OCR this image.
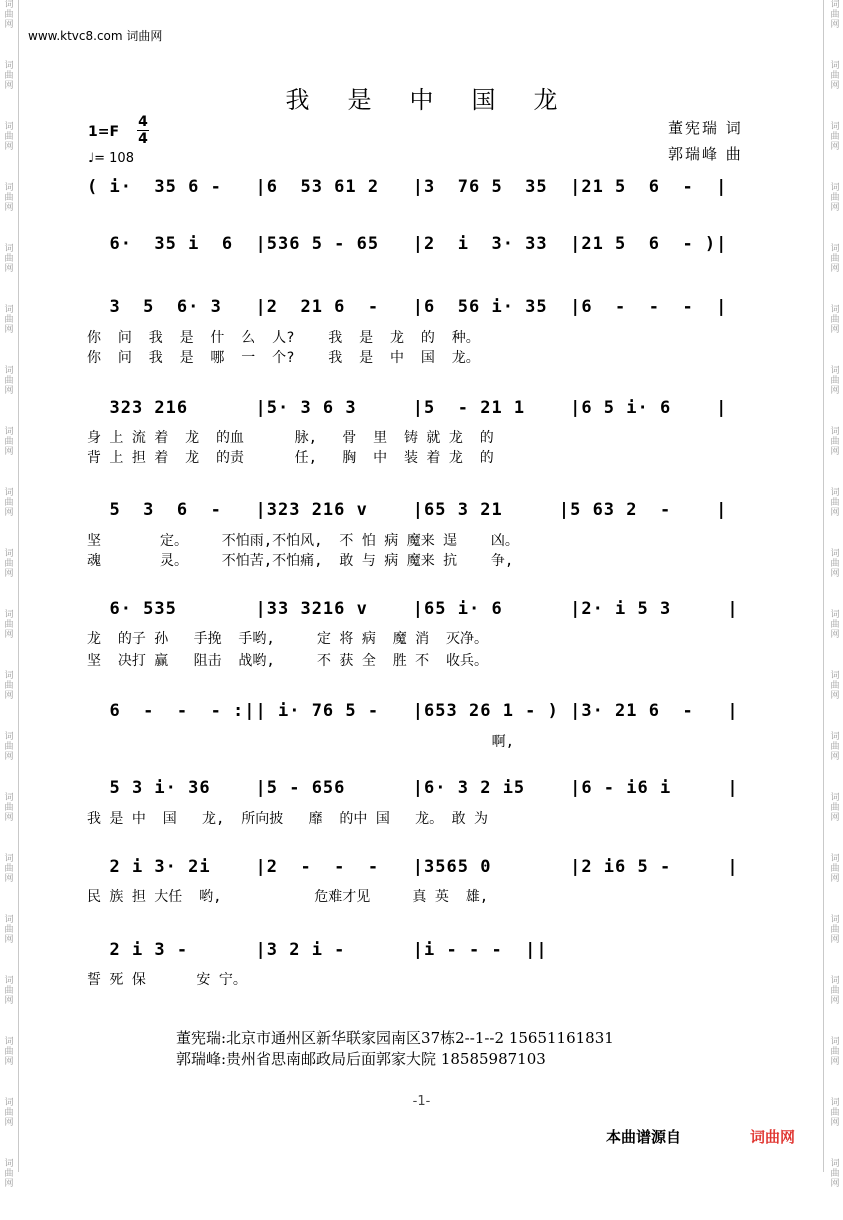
词
曲
网
词
曲
网
词
曲
网
词
曲
网
词
曲
网
词
曲
网
词
曲
网
词
曲
网
词
曲
网
词
曲
网
词
曲
网
词
曲
网
词
曲
网
词
曲
网
词
曲
网
词
曲
网
词
曲
网
词
曲
网
词
曲
网
词
曲
网
词
曲
网
词
曲
网
词
曲
网
词
曲
网
词
曲
网
词
曲
网
词
曲
网
词
曲
网
词
曲
网
词
曲
网
词
曲
网
词
曲
网
词
曲
网
词
曲
网
词
曲
网
词
曲
网
词
曲
网
词
曲
网
词
曲
网
词
曲
网
www.ktvc8.com 词曲网
我是中国龙
1=F
4
4
♩= 108
董宪瑞 词
郭瑞峰 曲
( i·  35 6 -   |6  53 61 2   |3  76 5  35  |21 5  6  -  |
6·  35 i  6  |536 5 - 65   |2  i  3· 33  |21 5  6  - )|
3  5  6· 3   |2  21 6  -   |6  56 i· 35  |6  -  -  -  |
你  问  我  是  什  么  人?    我  是  龙  的  种。
你  问  我  是  哪  一  个?    我  是  中  国  龙。
323 216      |5· 3 6 3     |5  - 21 1    |6 5 i· 6    |
身 上 流 着  龙  的血      脉,   骨  里  铸 就 龙  的
背 上 担 着  龙  的责      任,   胸  中  装 着 龙  的
5  3  6  -   |323 216 v    |65 3 21     |5 63 2  -    |
坚       定。    不怕雨,不怕风,  不 怕 病 魔来 逞    凶。
魂       灵。    不怕苦,不怕痛,  敢 与 病 魔来 抗    争,
6· 535       |33 3216 v    |65 i· 6      |2· i 5 3     |
龙  的子 孙   手挽  手哟,     定 将 病  魔 消  灭净。
坚  决打 赢   阻击  战哟,     不 获 全  胜 不  收兵。
6  -  -  - :|| i· 76 5 -   |653 26 1 - ) |3· 21 6  -   |
啊,
5 3 i· 36    |5 - 656      |6· 3 2 i5    |6 - i6 i     |
我 是 中  国   龙,  所向披   靡  的中 国   龙。 敢 为
2 i 3· 2i    |2  -  -  -   |3565 0       |2 i6 5 -     |
民 族 担 大任  哟,           危难才见     真 英  雄,
2 i 3 -      |3 2 i -      |i - - -  ||
誓 死 保      安 宁。
董宪瑞:北京市通州区新华联家园南区37栋2--1--2 15651161831
郭瑞峰:贵州省思南邮政局后面郭家大院 18585987103
-1-
本曲谱源自	词曲网
